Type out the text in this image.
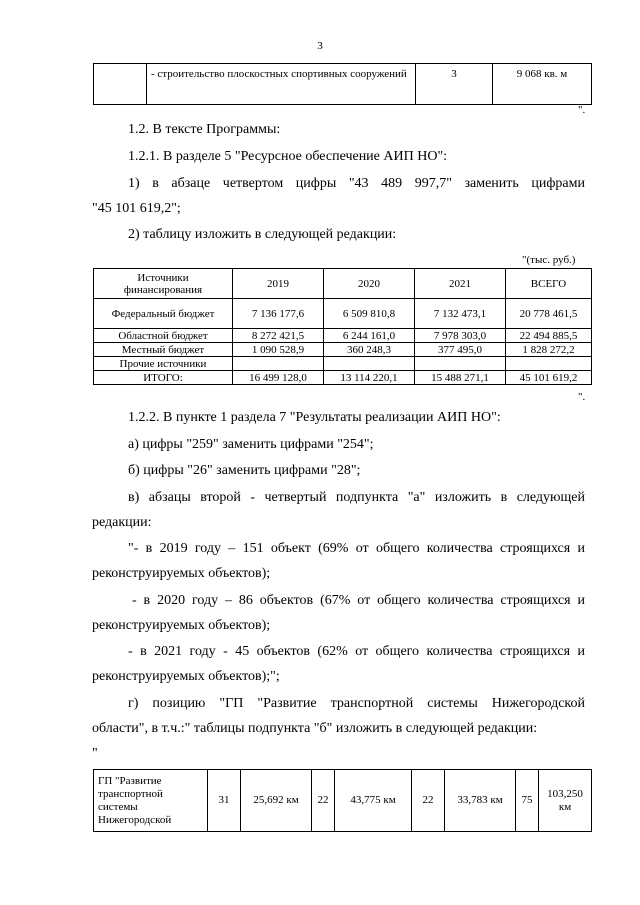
3
	- строительство плоскостных спортивных сооружений	3	9 068 кв. м
".
1.2. В тексте Программы:
1.2.1. В разделе 5 "Ресурсное обеспечение АИП НО":
1) в абзаце четвертом цифры "43 489 997,7" заменить цифрами
"45 101 619,2";
2) таблицу изложить в следующей редакции:
"(тыс. руб.)
Источники финансирования	2019	2020	2021	ВСЕГО
Федеральный бюджет	7 136 177,6	6 509 810,8	7 132 473,1	20 778 461,5
Областной бюджет	8 272 421,5	6 244 161,0	7 978 303,0	22 494 885,5
Местный бюджет	1 090 528,9	360 248,3	377 495,0	1 828 272,2
Прочие источники				
ИТОГО:	16 499 128,0	13 114 220,1	15 488 271,1	45 101 619,2
".
1.2.2. В пункте 1 раздела 7 "Результаты реализации АИП НО":
а) цифры "259" заменить цифрами "254";
б) цифры "26" заменить цифрами "28";
в) абзацы второй - четвертый подпункта "а" изложить в следующей
редакции:
"- в 2019 году – 151 объект (69% от общего количества строящихся и
реконструируемых объектов);
- в 2020 году – 86 объектов (67% от общего количества строящихся и
реконструируемых объектов);
- в 2021 году - 45 объектов (62% от общего количества строящихся и
реконструируемых объектов);";
г) позицию "ГП "Развитие транспортной системы Нижегородской
области", в т.ч.:" таблицы подпункта "б" изложить в следующей редакции:
"
ГП "Развитие транспортной системы Нижегородской	31	25,692 км	22	43,775 км	22	33,783 км	75	103,250 км
